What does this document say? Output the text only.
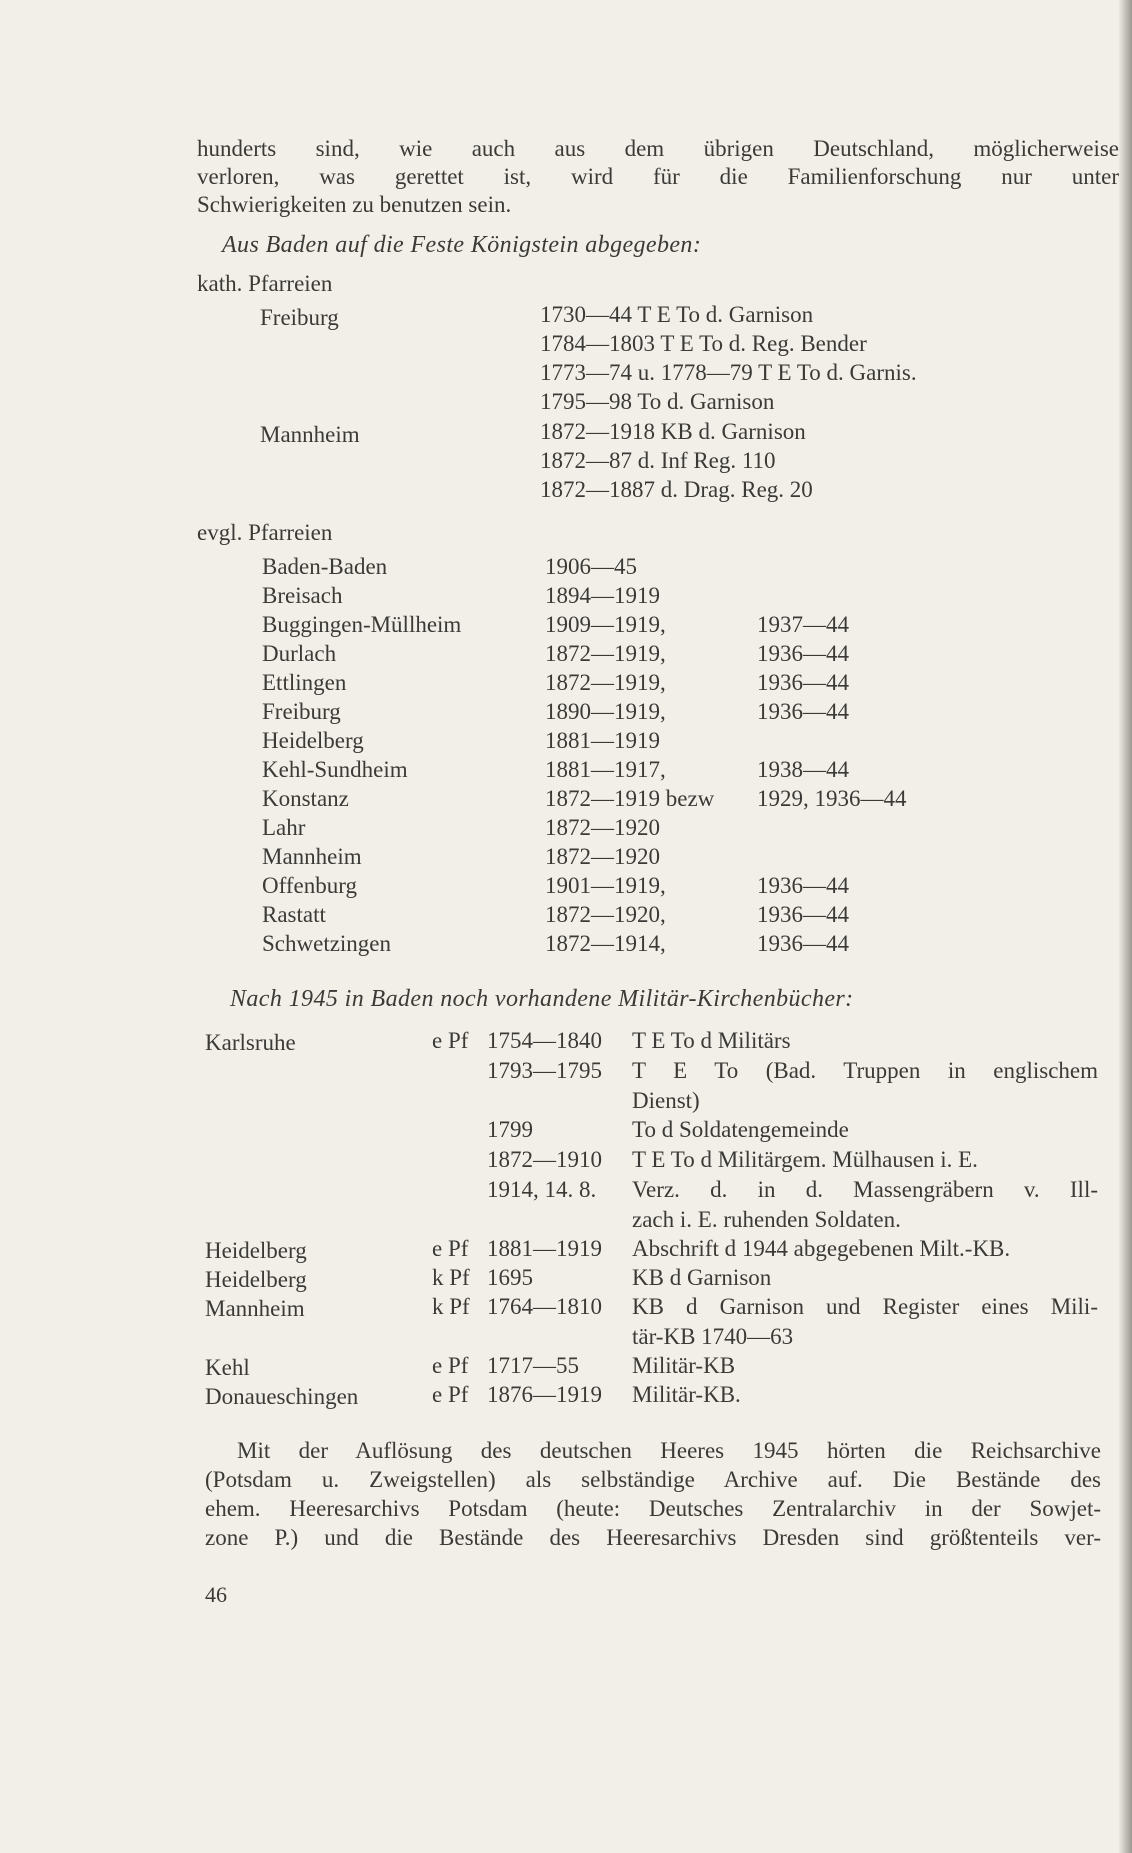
hunderts sind, wie auch aus dem übrigen Deutschland, möglicherweise
verloren, was gerettet ist, wird für die Familienforschung nur unter
Schwierigkeiten zu benutzen sein.
Aus Baden auf die Feste Königstein abgegeben:
kath. Pfarreien
Freiburg	1730—44 T E To d. Garnison
1784—1803 T E To d. Reg. Bender
1773—74 u. 1778—79 T E To d. Garnis.
1795—98 To d. Garnison
Mannheim	1872—1918 KB d. Garnison
1872—87 d. Inf Reg. 110
1872—1887 d. Drag. Reg. 20
evgl. Pfarreien
Baden-Baden	1906—45
Breisach	1894—1919
Buggingen-Müllheim	1909—1919,	1937—44
Durlach	1872—1919,	1936—44
Ettlingen	1872—1919,	1936—44
Freiburg	1890—1919,	1936—44
Heidelberg	1881—1919
Kehl-Sundheim	1881—1917,	1938—44
Konstanz	1872—1919 bezw 1929, 1936—44
Lahr	1872—1920
Mannheim	1872—1920
Offenburg	1901—1919,	1936—44
Rastatt	1872—1920,	1936—44
Schwetzingen	1872—1914,	1936—44
Nach 1945 in Baden noch vorhandene Militär-Kirchenbücher:
Karlsruhe	e Pf 1754—1840 T E To d Militärs
1793—1795 T E To (Bad. Truppen in englischem
Dienst)
1799	To d Soldatengemeinde
1872—1910 T E To d Militärgem. Mülhausen i. E.
1914, 14. 8. Verz. d. in d. Massengräbern v. Ill-
zach i. E. ruhenden Soldaten.
Heidelberg	e Pf 1881—1919 Abschrift d 1944 abgegebenen Milt.-KB.
Heidelberg	k Pf 1695	KB d Garnison
Mannheim	k Pf 1764—1810 KB d Garnison und Register eines Mili-
tär-KB 1740—63
Kehl	e Pf 1717—55 Militär-KB
Donaueschingen	e Pf 1876—1919 Militär-KB.
Mit der Auflösung des deutschen Heeres 1945 hörten die Reichsarchive
(Potsdam u. Zweigstellen) als selbständige Archive auf. Die Bestände des
ehem. Heeresarchivs Potsdam (heute: Deutsches Zentralarchiv in der Sowjet-
zone P.) und die Bestände des Heeresarchivs Dresden sind größtenteils ver-
46
